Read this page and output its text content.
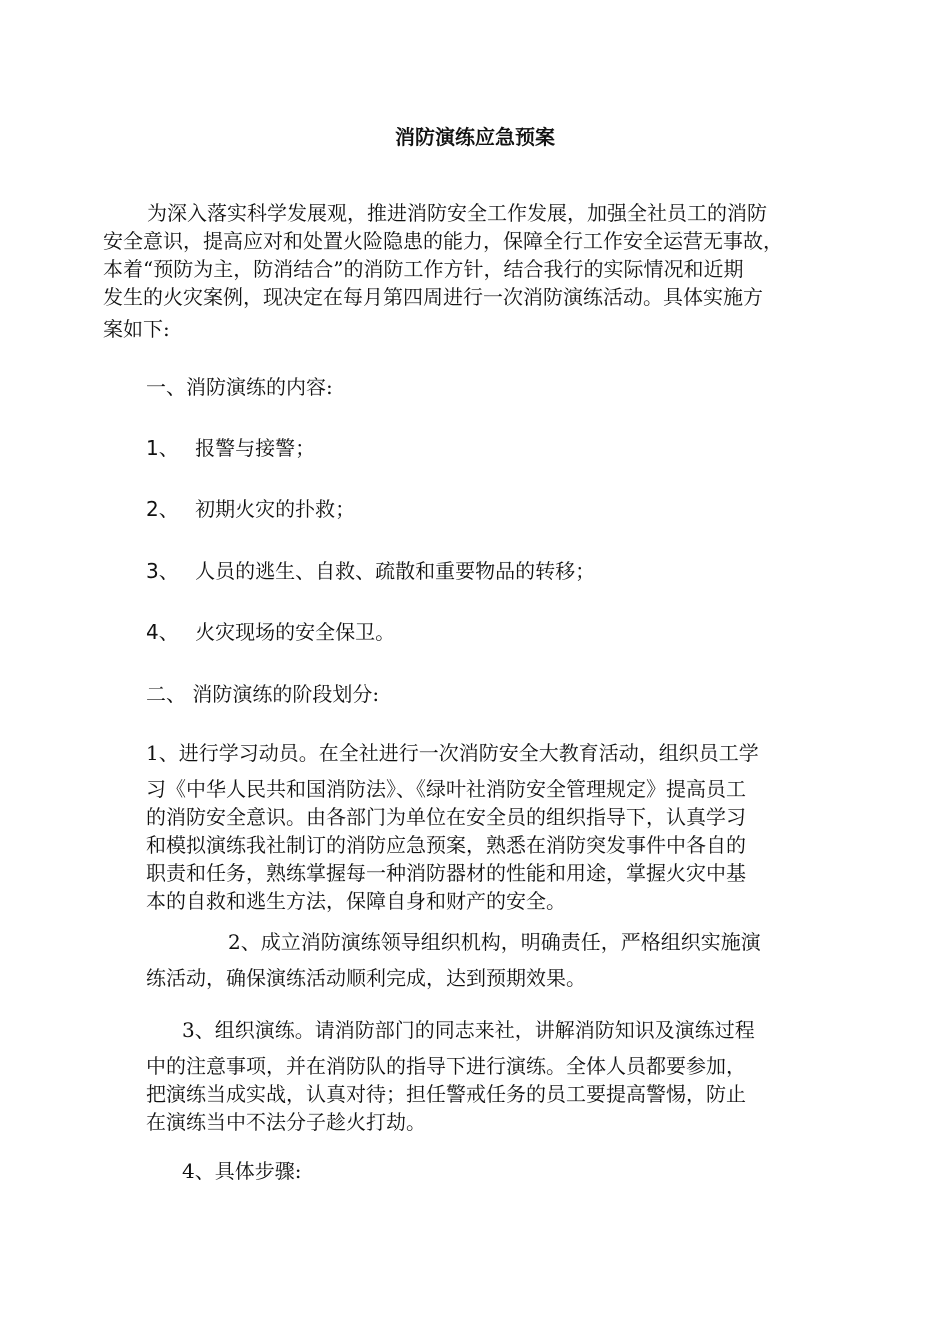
消防演练应急预案
为深入落实科学发展观，推进消防安全工作发展，加强全社员工的消防
安全意识，提高应对和处置火险隐患的能力，保障全行工作安全运营无事故，
本着“预防为主，防消结合”的消防工作方针，结合我行的实际情况和近期
发生的火灾案例，现决定在每月第四周进行一次消防演练活动。具体实施方
案如下:
一、消防演练的内容:
1、 报警与接警；
2、 初期火灾的扑救；
3、 人员的逃生、自救、疏散和重要物品的转移；
4、 火灾现场的安全保卫。
二、 消防演练的阶段划分:
1、进行学习动员。在全社进行一次消防安全大教育活动，组织员工学
习《中华人民共和国消防法》、《绿叶社消防安全管理规定》提高员工
的消防安全意识。由各部门为单位在安全员的组织指导下，认真学习
和模拟演练我社制订的消防应急预案，熟悉在消防突发事件中各自的
职责和任务，熟练掌握每一种消防器材的性能和用途，掌握火灾中基
本的自救和逃生方法，保障自身和财产的安全。
2、成立消防演练领导组织机构，明确责任，严格组织实施演
练活动，确保演练活动顺利完成，达到预期效果。
3、组织演练。请消防部门的同志来社，讲解消防知识及演练过程
中的注意事项，并在消防队的指导下进行演练。全体人员都要参加，
把演练当成实战，认真对待；担任警戒任务的员工要提高警惕，防止
在演练当中不法分子趁火打劫。
4、具体步骤:
